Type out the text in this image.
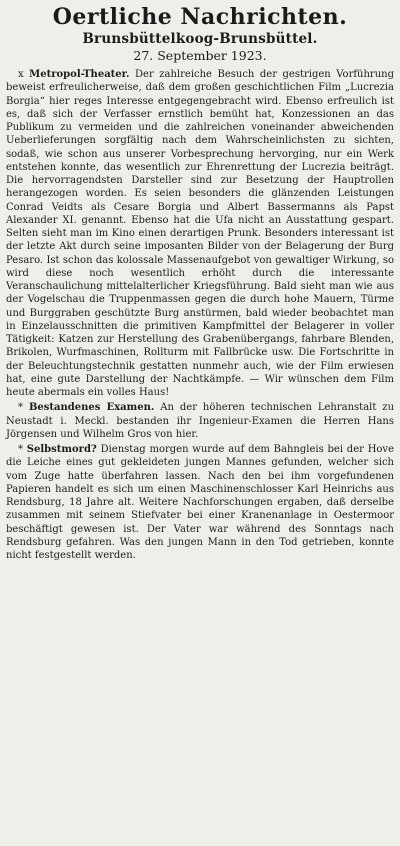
Oertliche Nachrichten.
Brunsbüttelkoog-Brunsbüttel.
27. September 1923.

x Metropol-Theater. Der zahlreiche Besuch der gestrigen Vorführung beweist erfreulicherweise, daß dem großen geschichtlichen Film „Lucrezia Borgia“ hier reges Interesse entgegengebracht wird. Ebenso erfreulich ist es, daß sich der Verfasser ernstlich bemüht hat, Konzessionen an das Publikum zu vermeiden und die zahlreichen voneinander abweichenden Ueberlieferungen sorgfältig nach dem Wahrscheinlichsten zu sichten, sodaß, wie schon aus unserer Vorbesprechung hervorging, nur ein Werk entstehen konnte, das wesentlich zur Ehrenrettung der Lucrezia beiträgt. Die hervorragendsten Darsteller sind zur Besetzung der Hauptrollen herangezogen worden. Es seien besonders die glänzenden Leistungen Conrad Veidts als Cesare Borgia und Albert Bassermanns als Papst Alexander XI. genannt. Ebenso hat die Ufa nicht an Ausstattung gespart. Selten sieht man im Kino einen derartigen Prunk. Besonders interessant ist der letzte Akt durch seine imposanten Bilder von der Belagerung der Burg Pesaro. Ist schon das kolossale Massenaufgebot von gewaltiger Wirkung, so wird diese noch wesentlich erhöht durch die interessante Veranschaulichung mittelalterlicher Kriegsführung. Bald sieht man wie aus der Vogelschau die Truppenmassen gegen die durch hohe Mauern, Türme und Burggraben geschützte Burg anstürmen, bald wieder beobachtet man in Einzelausschnitten die primitiven Kampfmittel der Belagerer in voller Tätigkeit: Katzen zur Herstellung des Grabenübergangs, fahrbare Blenden, Brikolen, Wurfmaschinen, Rollturm mit Fallbrücke usw. Die Fortschritte in der Beleuchtungstechnik gestatten nunmehr auch, wie der Film erwiesen hat, eine gute Darstellung der Nachtkämpfe. — Wir wünschen dem Film heute abermals ein volles Haus!

* Bestandenes Examen. An der höheren technischen Lehranstalt zu Neustadt i. Meckl. bestanden ihr Ingenieur-Examen die Herren Hans Jörgensen und Wilhelm Gros von hier.

* Selbstmord? Dienstag morgen wurde auf dem Bahngleis bei der Hove die Leiche eines gut gekleideten jungen Mannes gefunden, welcher sich vom Zuge hatte überfahren lassen. Nach den bei ihm vorgefundenen Papieren handelt es sich um einen Maschinenschlosser Karl Heinrichs aus Rendsburg, 18 Jahre alt. Weitere Nachforschungen ergaben, daß derselbe zusammen mit seinem Stiefvater bei einer Kranenanlage in Oestermoor beschäftigt gewesen ist. Der Vater war während des Sonntags nach Rendsburg gefahren. Was den jungen Mann in den Tod getrieben, konnte nicht festgestellt werden.
